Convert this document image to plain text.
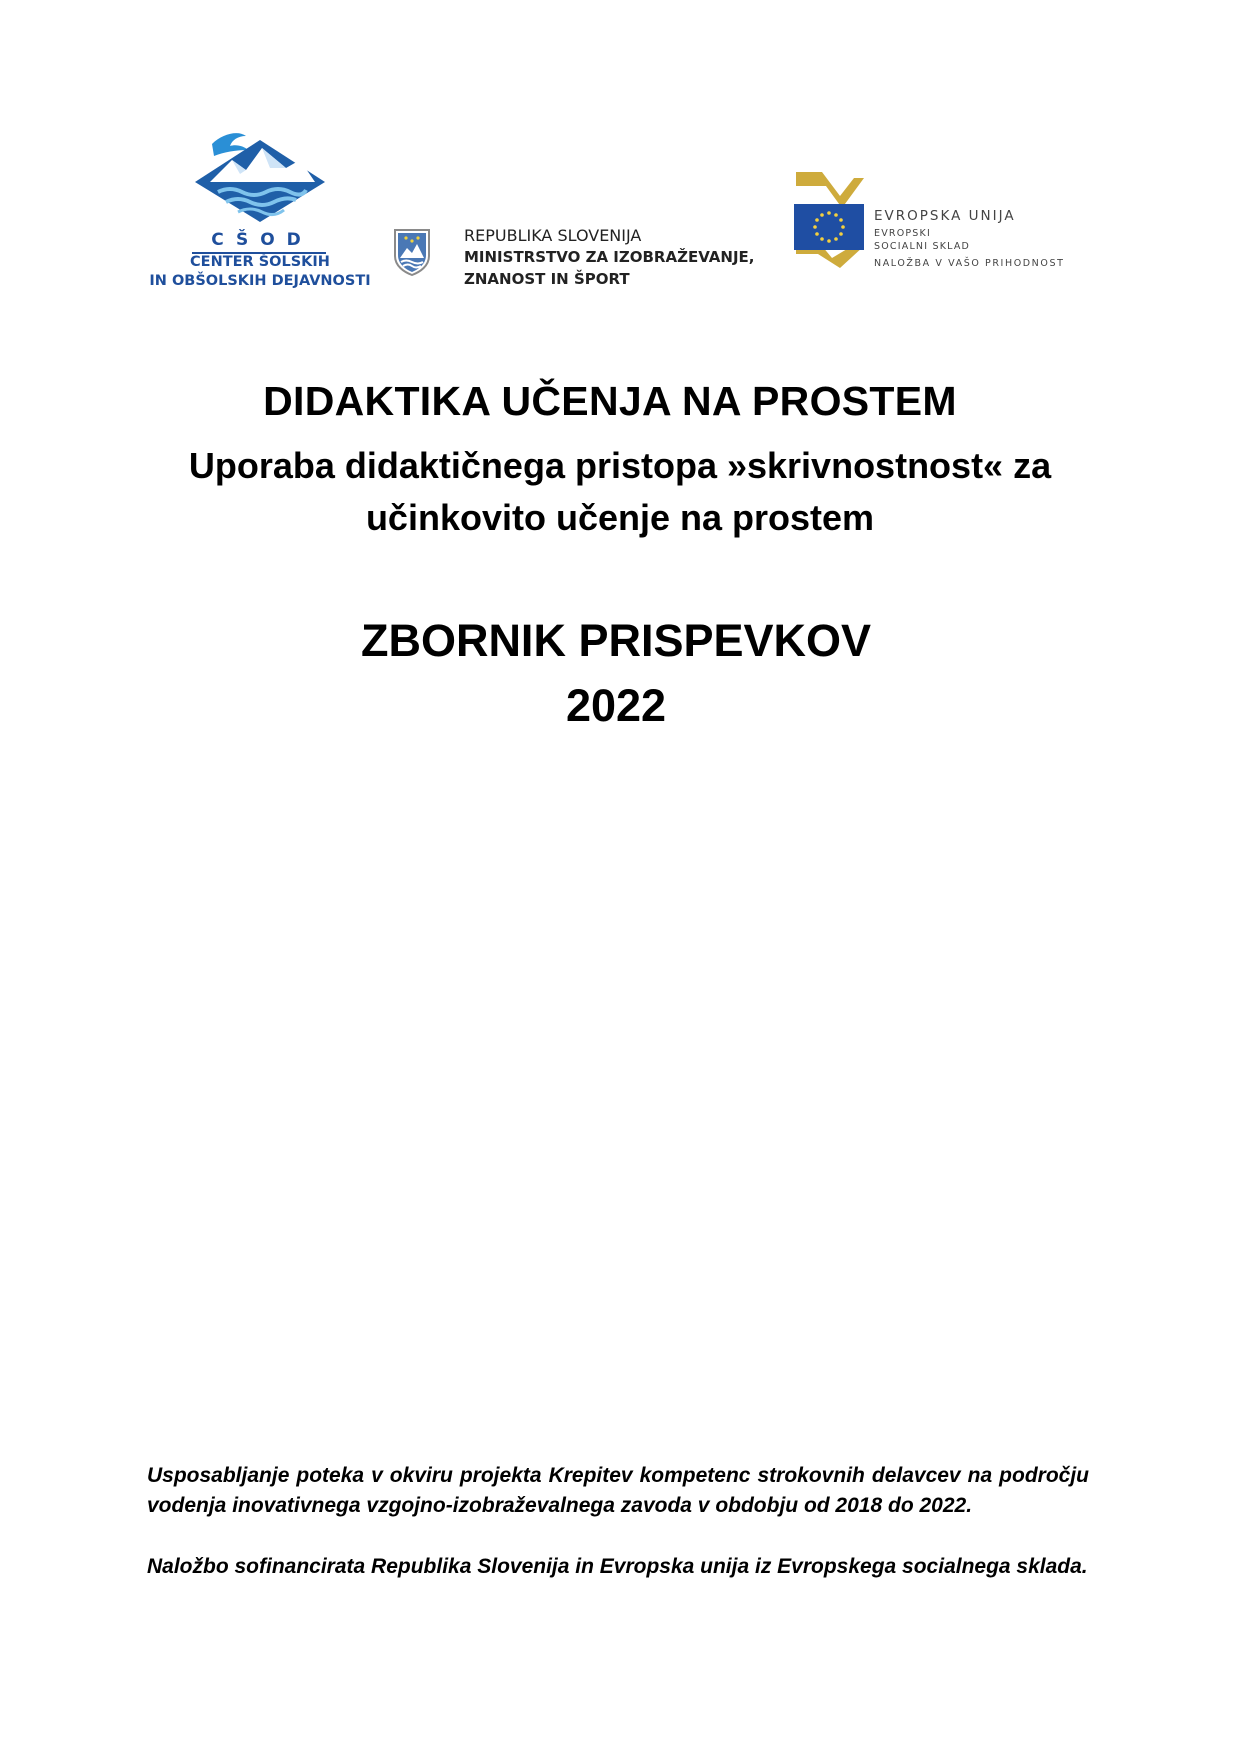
CŠOD
CENTER ŠOLSKIH
IN OBŠOLSKIH DEJAVNOSTI
REPUBLIKA SLOVENIJA
MINISTRSTVO ZA IZOBRAŽEVANJE,
ZNANOST IN ŠPORT
EVROPSKA UNIJA
EVROPSKI
SOCIALNI SKLAD
NALOŽBA V VAŠO PRIHODNOST
DIDAKTIKA UČENJA NA PROSTEM
Uporaba didaktičnega pristopa »skrivnostnost« za učinkovito učenje na prostem
ZBORNIK PRISPEVKOV
2022
Usposabljanje poteka v okviru projekta Krepitev kompetenc strokovnih delavcev na področju vodenja inovativnega vzgojno-izobraževalnega zavoda v obdobju od 2018 do 2022.
Naložbo sofinancirata Republika Slovenija in Evropska unija iz Evropskega socialnega sklada.
